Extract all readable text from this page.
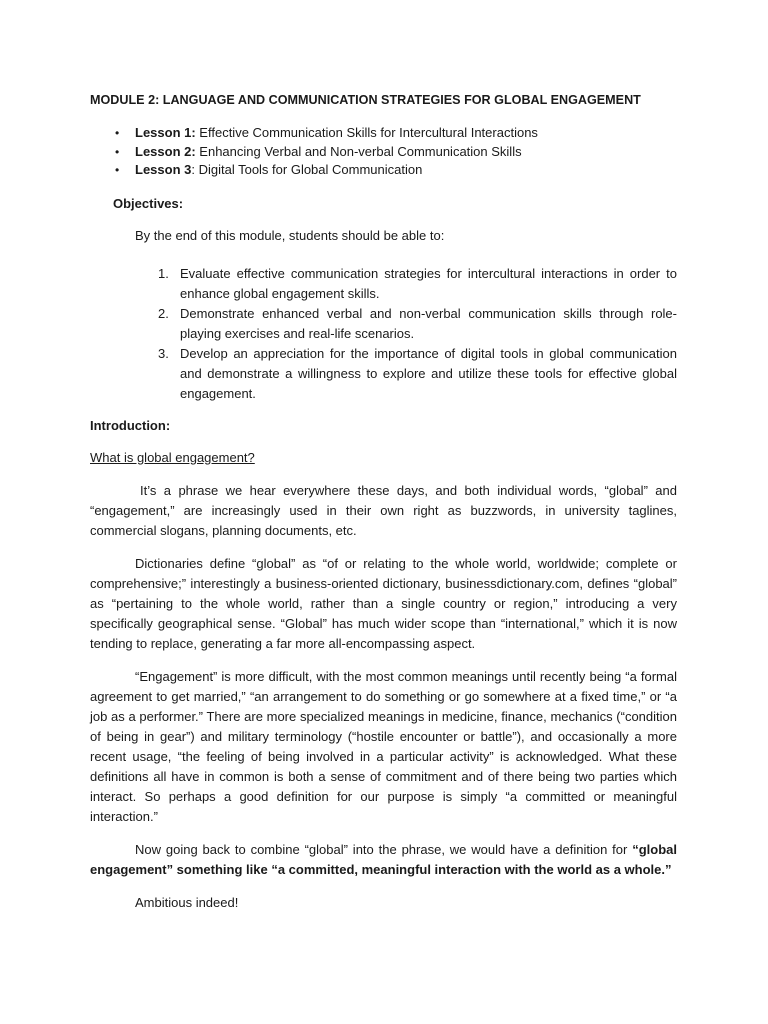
MODULE 2: LANGUAGE AND COMMUNICATION STRATEGIES FOR GLOBAL ENGAGEMENT
• Lesson 1: Effective Communication Skills for Intercultural Interactions
• Lesson 2: Enhancing Verbal and Non-verbal Communication Skills
• Lesson 3: Digital Tools for Global Communication
Objectives:
By the end of this module, students should be able to:
1. Evaluate effective communication strategies for intercultural interactions in order to enhance global engagement skills.
2. Demonstrate enhanced verbal and non-verbal communication skills through role-playing exercises and real-life scenarios.
3. Develop an appreciation for the importance of digital tools in global communication and demonstrate a willingness to explore and utilize these tools for effective global engagement.
Introduction:
What is global engagement?

It’s a phrase we hear everywhere these days, and both individual words, “global” and “engagement,” are increasingly used in their own right as buzzwords, in university taglines, commercial slogans, planning documents, etc.

Dictionaries define “global” as “of or relating to the whole world, worldwide; complete or comprehensive;” interestingly a business-oriented dictionary, businessdictionary.com, defines “global” as “pertaining to the whole world, rather than a single country or region,” introducing a very specifically geographical sense. “Global” has much wider scope than “international,” which it is now tending to replace, generating a far more all-encompassing aspect.

“Engagement” is more difficult, with the most common meanings until recently being “a formal agreement to get married,” “an arrangement to do something or go somewhere at a fixed time,” or “a job as a performer.” There are more specialized meanings in medicine, finance, mechanics (“condition of being in gear”) and military terminology (“hostile encounter or battle”), and occasionally a more recent usage, “the feeling of being involved in a particular activity” is acknowledged. What these definitions all have in common is both a sense of commitment and of there being two parties which interact. So perhaps a good definition for our purpose is simply “a committed or meaningful interaction.”

Now going back to combine “global” into the phrase, we would have a definition for “global engagement” something like “a committed, meaningful interaction with the world as a whole.”

Ambitious indeed!
